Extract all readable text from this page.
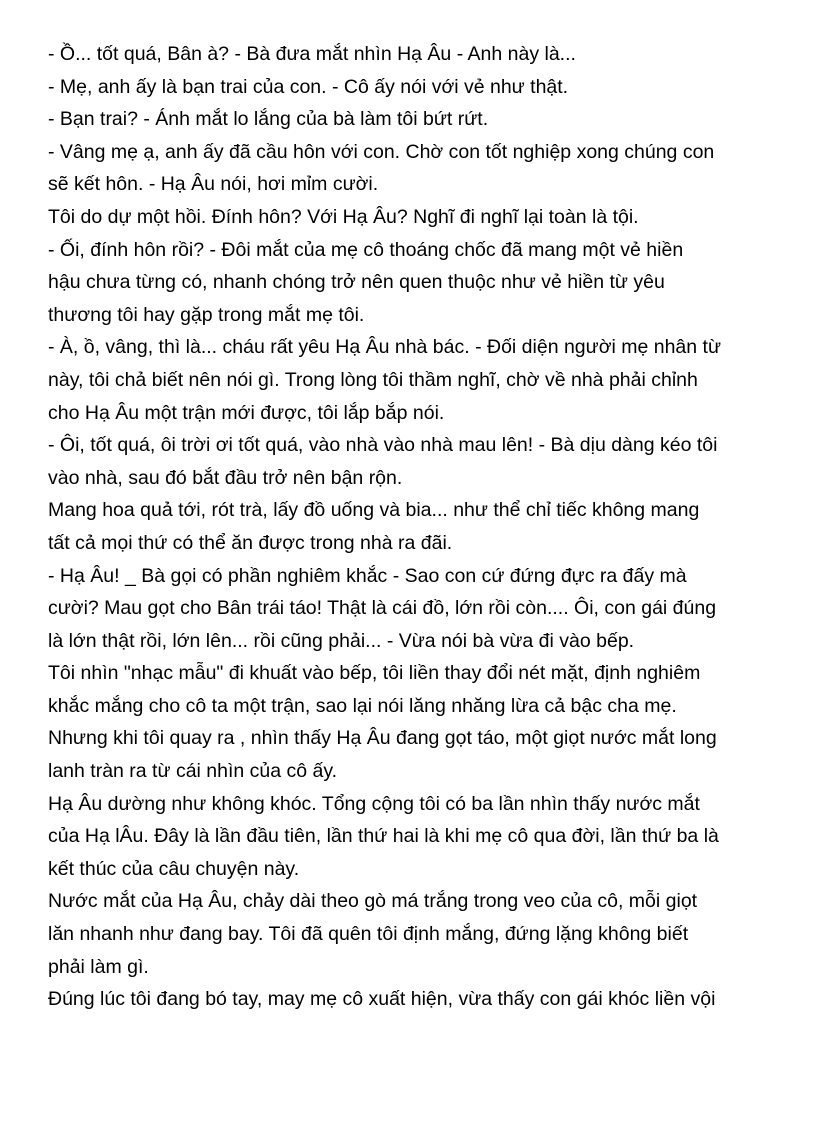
- Ồ... tốt quá, Bân à? - Bà đưa mắt nhìn Hạ Âu - Anh này là...

- Mẹ, anh ấy là bạn trai của con. - Cô ấy nói với vẻ như thật.

- Bạn trai? - Ánh mắt lo lắng của bà làm tôi bứt rứt.

- Vâng mẹ ạ, anh ấy đã cầu hôn với con. Chờ con tốt nghiệp xong chúng con

sẽ kết hôn. - Hạ Âu nói, hơi mỉm cười.

Tôi do dự một hồi. Đính hôn? Với Hạ Âu? Nghĩ đi nghĩ lại toàn là tội.

- Ối, đính hôn rồi? - Đôi mắt của mẹ cô thoáng chốc đã mang một vẻ hiền

hậu chưa từng có, nhanh chóng trở nên quen thuộc như vẻ hiền từ yêu

thương tôi hay gặp trong mắt mẹ tôi.

- À, ồ, vâng, thì là... cháu rất yêu Hạ Âu nhà bác. - Đối diện người mẹ nhân từ

này, tôi chả biết nên nói gì. Trong lòng tôi thầm nghĩ, chờ về nhà phải chỉnh

cho Hạ Âu một trận mới được, tôi lắp bắp nói.

- Ôi, tốt quá, ôi trời ơi tốt quá, vào nhà vào nhà mau lên! - Bà dịu dàng kéo tôi

vào nhà, sau đó bắt đầu trở nên bận rộn.

Mang hoa quả tới, rót trà, lấy đồ uống và bia... như thể chỉ tiếc không mang

tất cả mọi thứ có thể ăn được trong nhà ra đãi.

- Hạ Âu! _ Bà gọi có phần nghiêm khắc - Sao con cứ đứng đực ra đấy mà

cười? Mau gọt cho Bân trái táo! Thật là cái đồ, lớn rồi còn.... Ôi, con gái đúng

là lớn thật rồi, lớn lên... rồi cũng phải... - Vừa nói bà vừa đi vào bếp.

Tôi nhìn "nhạc mẫu" đi khuất vào bếp, tôi liền thay đổi nét mặt, định nghiêm

khắc mắng cho cô ta một trận, sao lại nói lăng nhăng lừa cả bậc cha mẹ.

Nhưng khi tôi quay ra , nhìn thấy Hạ Âu đang gọt táo, một giọt nước mắt long

lanh tràn ra từ cái nhìn của cô ấy.

Hạ Âu dường như không khóc. Tổng cộng tôi có ba lần nhìn thấy nước mắt

của Hạ lÂu. Đây là lần đầu tiên, lần thứ hai là khi mẹ cô qua đời, lần thứ ba là

kết thúc của câu chuyện này.

Nước mắt của Hạ Âu, chảy dài theo gò má trắng trong veo của cô, mỗi giọt

lăn nhanh như đang bay. Tôi đã quên tôi định mắng, đứng lặng không biết

phải làm gì.

Đúng lúc tôi đang bó tay, may mẹ cô xuất hiện, vừa thấy con gái khóc liền vội
